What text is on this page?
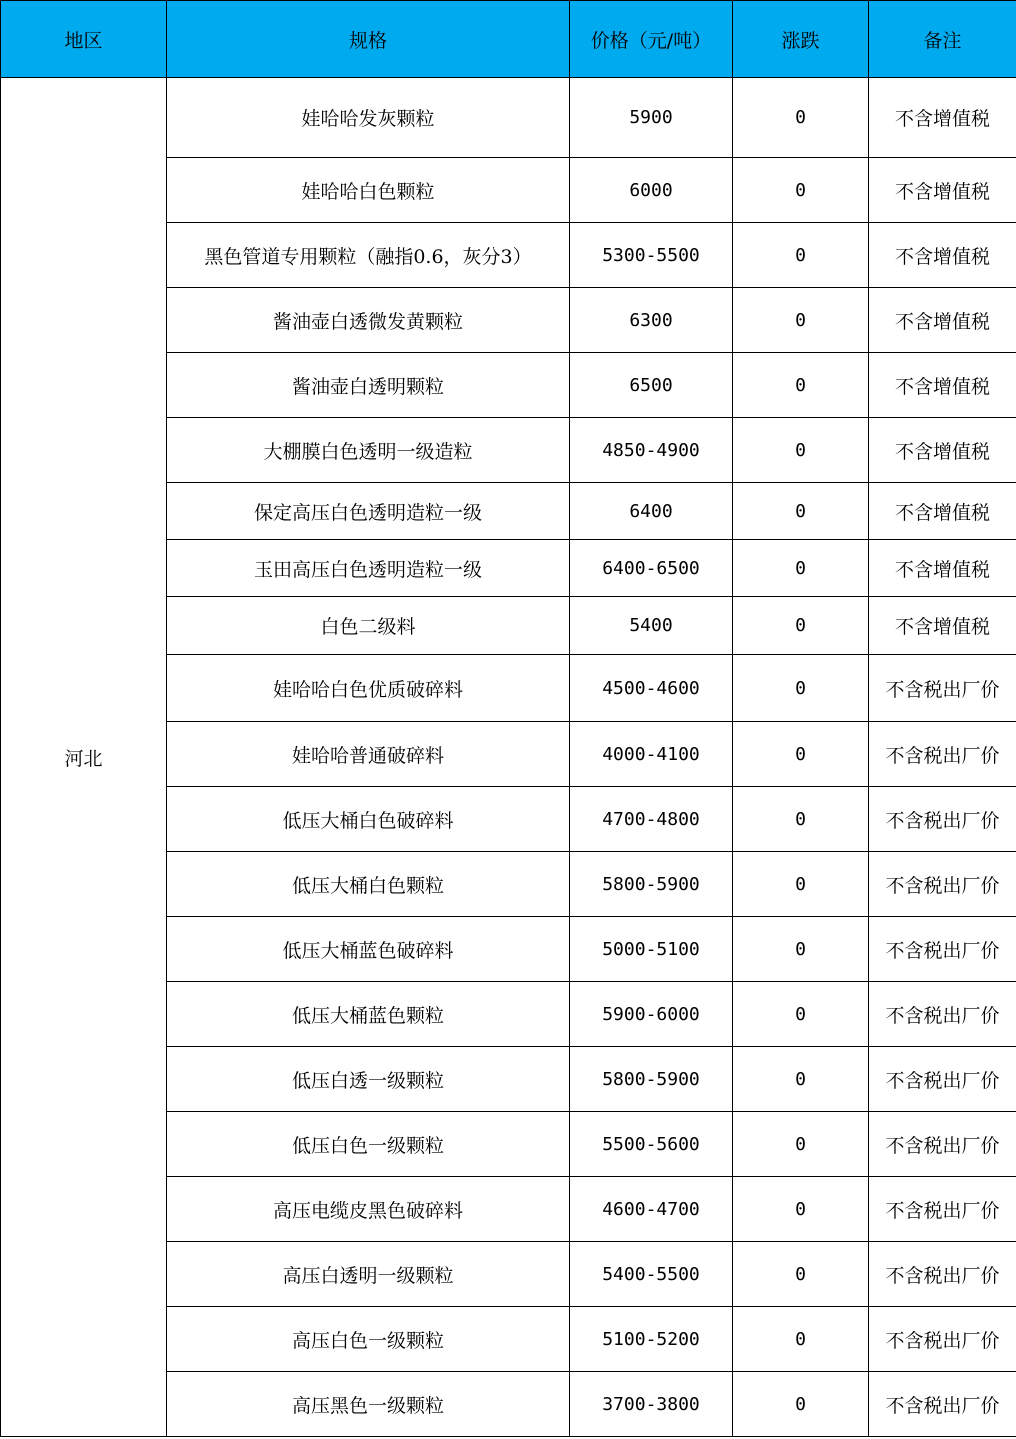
地区	规格	价格（元/吨）	涨跌	备注
河北	娃哈哈发灰颗粒	5900	0	不含增值税
	娃哈哈白色颗粒	6000	0	不含增值税
	黑色管道专用颗粒（融指0.6，灰分3）	5300-5500	0	不含增值税
	酱油壶白透微发黄颗粒	6300	0	不含增值税
	酱油壶白透明颗粒	6500	0	不含增值税
	大棚膜白色透明一级造粒	4850-4900	0	不含增值税
	保定高压白色透明造粒一级	6400	0	不含增值税
	玉田高压白色透明造粒一级	6400-6500	0	不含增值税
	白色二级料	5400	0	不含增值税
	娃哈哈白色优质破碎料	4500-4600	0	不含税出厂价
	娃哈哈普通破碎料	4000-4100	0	不含税出厂价
	低压大桶白色破碎料	4700-4800	0	不含税出厂价
	低压大桶白色颗粒	5800-5900	0	不含税出厂价
	低压大桶蓝色破碎料	5000-5100	0	不含税出厂价
	低压大桶蓝色颗粒	5900-6000	0	不含税出厂价
	低压白透一级颗粒	5800-5900	0	不含税出厂价
	低压白色一级颗粒	5500-5600	0	不含税出厂价
	高压电缆皮黑色破碎料	4600-4700	0	不含税出厂价
	高压白透明一级颗粒	5400-5500	0	不含税出厂价
	高压白色一级颗粒	5100-5200	0	不含税出厂价
	高压黑色一级颗粒	3700-3800	0	不含税出厂价
